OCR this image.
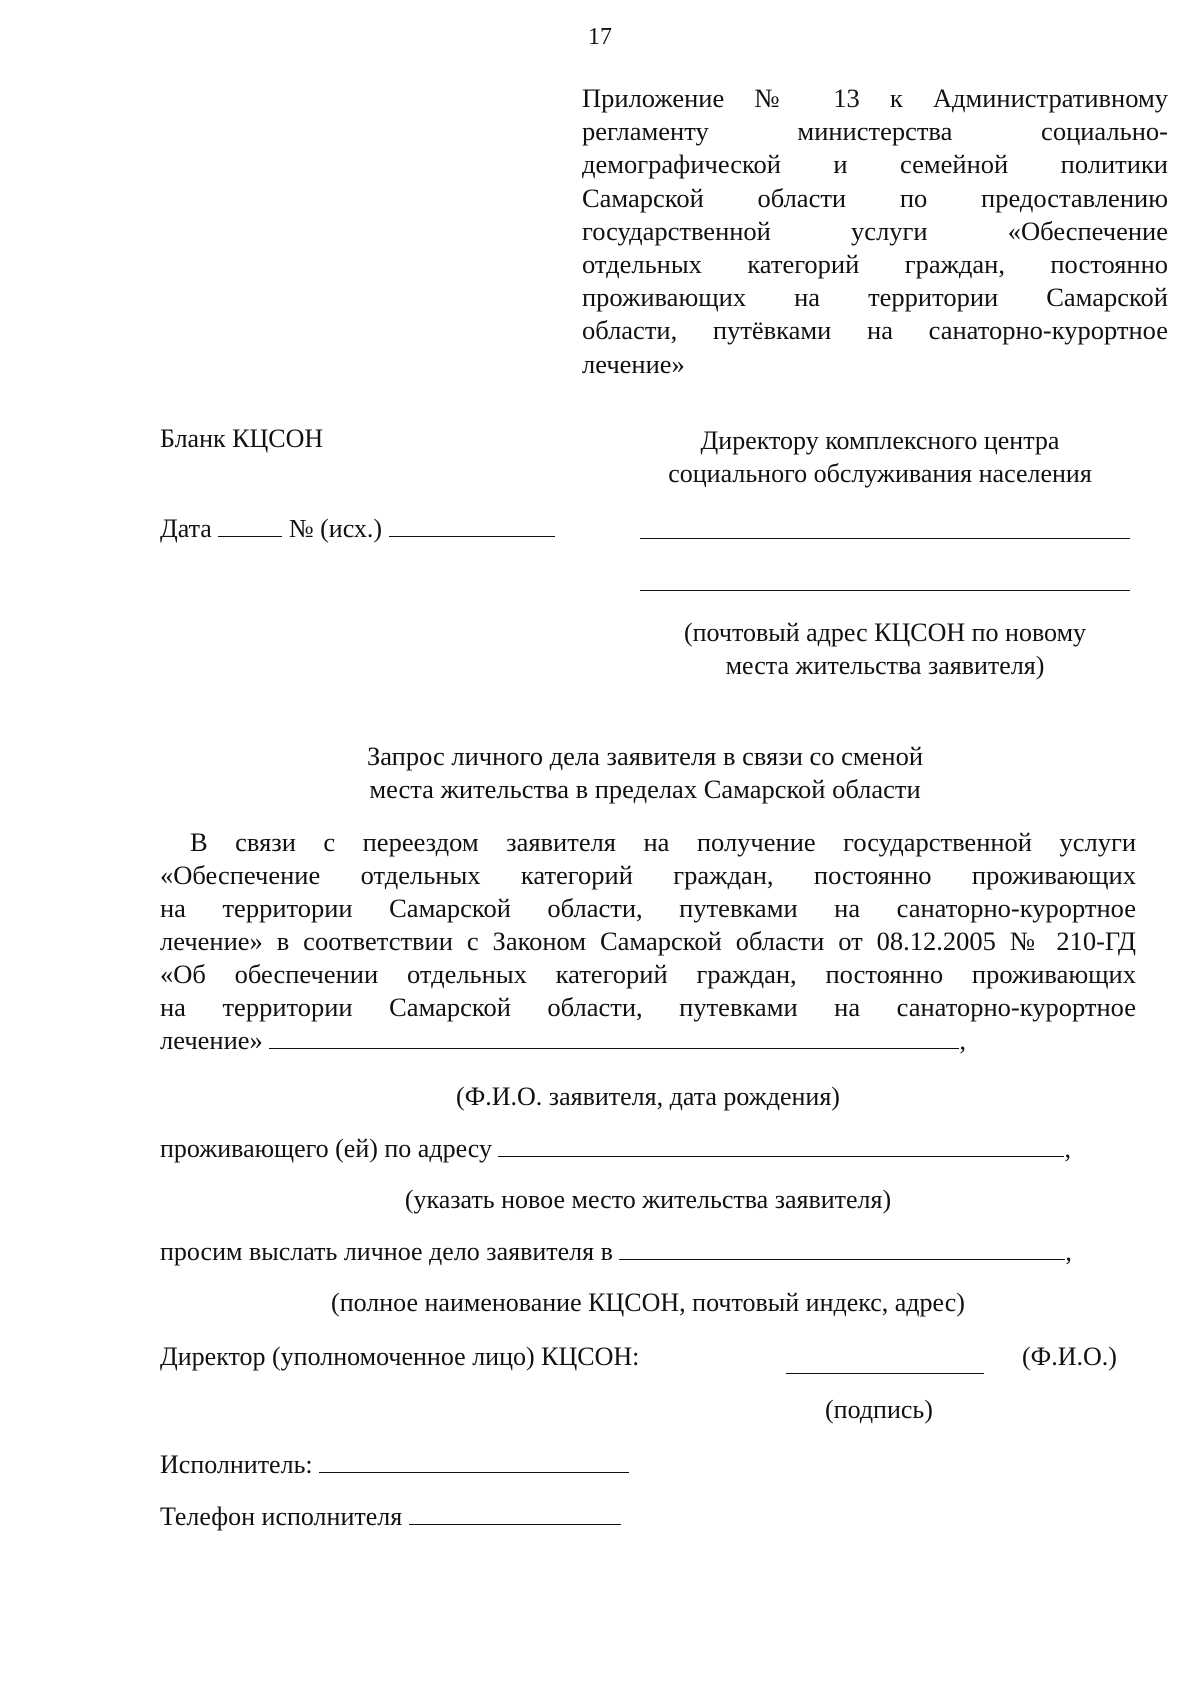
17
Приложение № 13 к Административному
регламенту министерства социально-
демографической и семейной политики
Самарской области по предоставлению
государственной услуги «Обеспечение
отдельных категорий граждан, постоянно
проживающих на территории Самарской
области, путёвками на санаторно-курортное
лечение»
Бланк КЦСОН	Директору комплексного центра
социального обслуживания населения
Дата	№ (исх.)
(почтовый адрес КЦСОН по новому
места жительства заявителя)
Запрос личного дела заявителя в связи со сменой
места жительства в пределах Самарской области
В связи с переездом заявителя на получение государственной услуги
«Обеспечение отдельных категорий граждан, постоянно проживающих
на территории Самарской области, путевками на санаторно-курортное
лечение» в соответствии с Законом Самарской области от 08.12.2005 № 210-ГД
«Об обеспечении отдельных категорий граждан, постоянно проживающих
на территории Самарской области, путевками на санаторно-курортное
лечение»	,
(Ф.И.О. заявителя, дата рождения)
проживающего (ей) по адресу	,
(указать новое место жительства заявителя)
просим выслать личное дело заявителя в	,
(полное наименование КЦСОН, почтовый индекс, адрес)
Директор (уполномоченное лицо) КЦСОН:	(Ф.И.О.)
(подпись)
Исполнитель:
Телефон исполнителя
